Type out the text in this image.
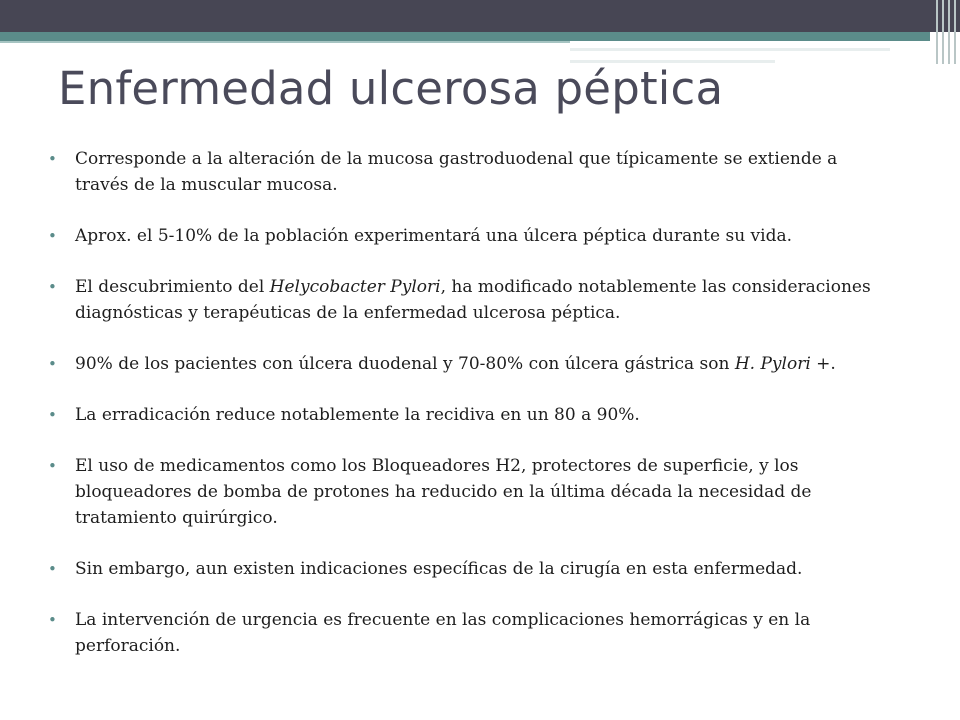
Enfermedad ulcerosa péptica
• Corresponde a la alteración de la mucosa gastroduodenal que típicamente se extiende a través de la muscular mucosa.
• Aprox. el 5-10% de la población experimentará una úlcera péptica durante su vida.
• El descubrimiento del Helycobacter Pylori, ha modificado notablemente las consideraciones diagnósticas y terapéuticas de la enfermedad ulcerosa péptica.
• 90% de los pacientes con úlcera duodenal y 70-80% con úlcera gástrica son H. Pylori +.
• La erradicación reduce notablemente la recidiva en un 80 a 90%.
• El uso de medicamentos como los Bloqueadores H2, protectores de superficie, y los bloqueadores de bomba de protones ha reducido en la última década la necesidad de tratamiento quirúrgico.
• Sin embargo, aun existen indicaciones específicas de la cirugía en esta enfermedad.
• La intervención de urgencia es frecuente en las complicaciones hemorrágicas y en la perforación.
